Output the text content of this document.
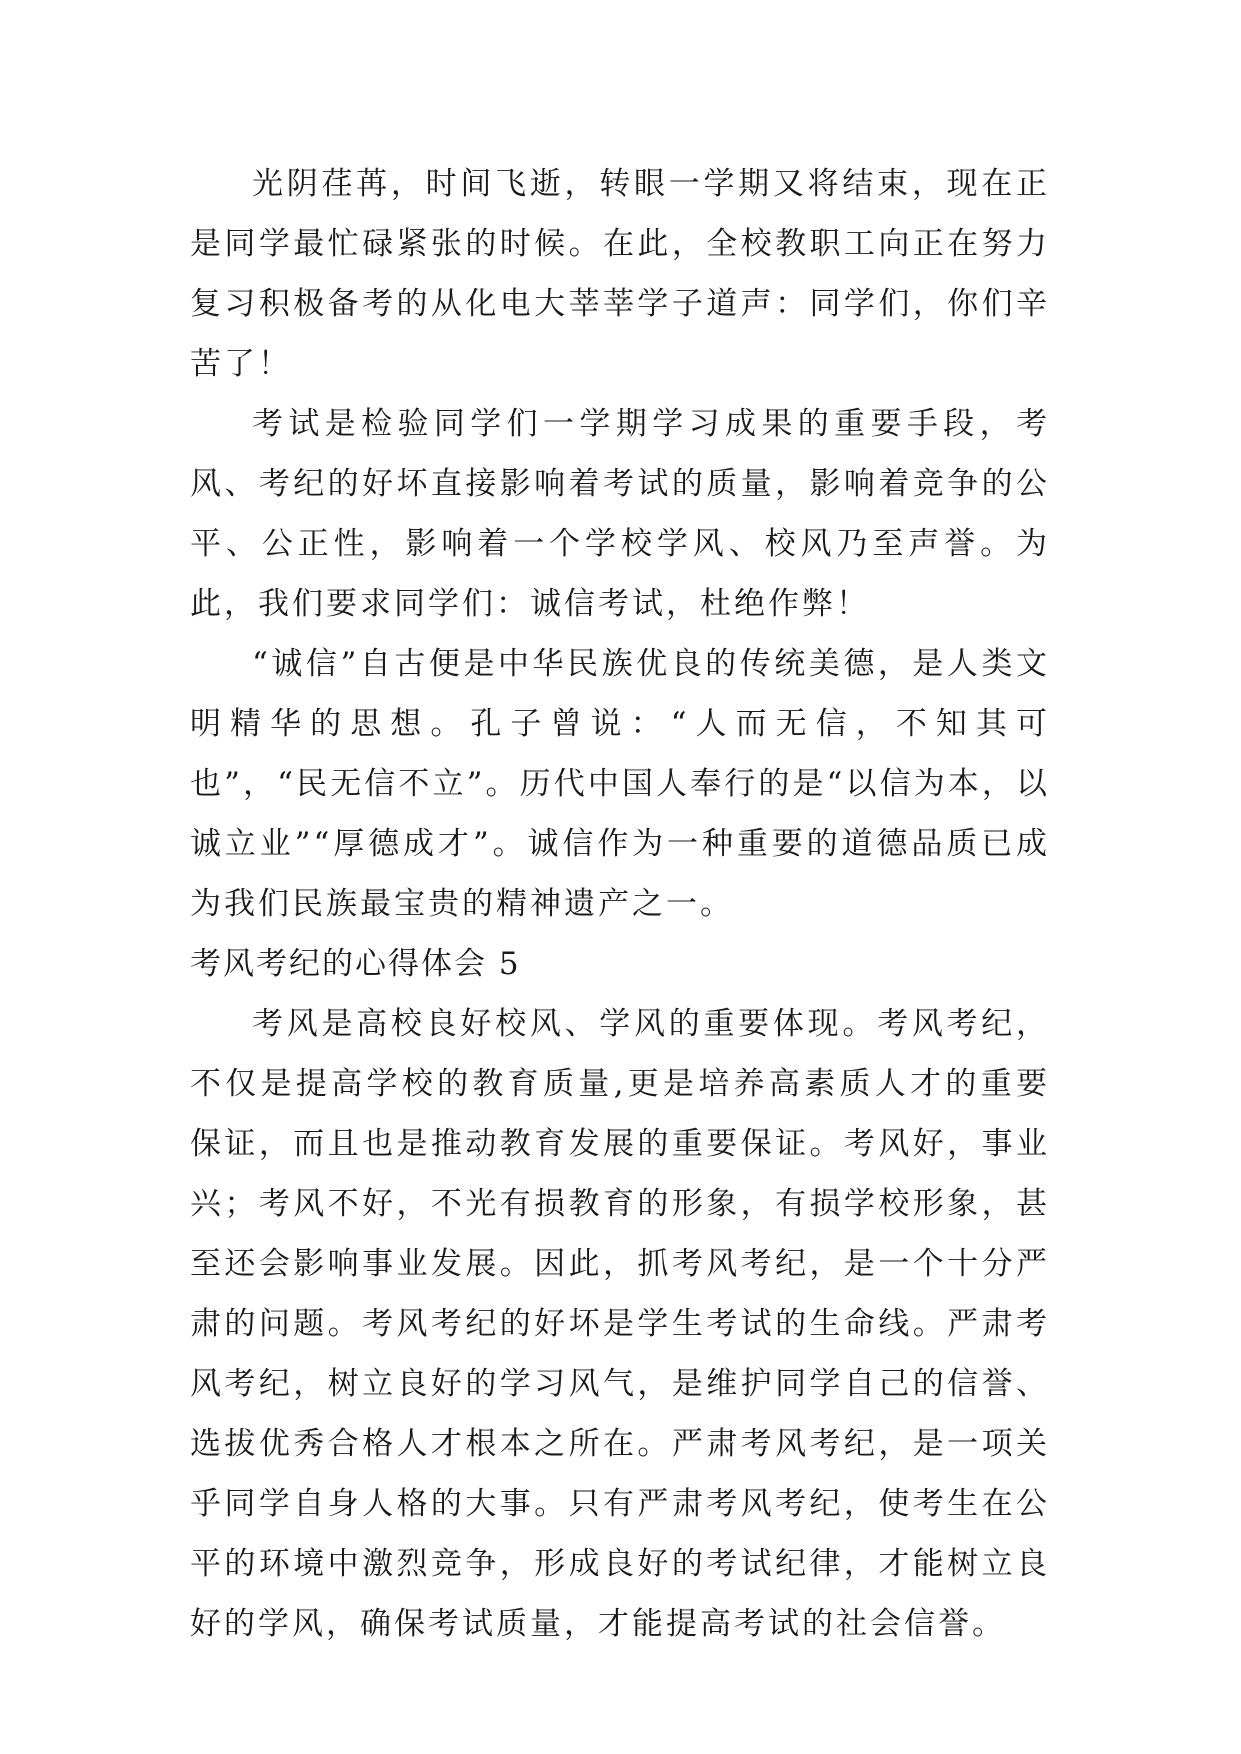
光阴荏苒，时间飞逝，转眼一学期又将结束，现在正是同学最忙碌紧张的时候。在此，全校教职工向正在努力复习积极备考的从化电大莘莘学子道声：同学们，你们辛苦了！

考试是检验同学们一学期学习成果的重要手段，考风、考纪的好坏直接影响着考试的质量，影响着竞争的公平、公正性，影响着一个学校学风、校风乃至声誉。为此，我们要求同学们：诚信考试，杜绝作弊！

“诚信”自古便是中华民族优良的传统美德，是人类文明精华的思想。孔子曾说：“人而无信，不知其可也”，“民无信不立”。历代中国人奉行的是“以信为本，以诚立业”“厚德成才”。诚信作为一种重要的道德品质已成为我们民族最宝贵的精神遗产之一。

考风考纪的心得体会 5

考风是高校良好校风、学风的重要体现。考风考纪，不仅是提高学校的教育质量,更是培养高素质人才的重要保证，而且也是推动教育发展的重要保证。考风好，事业兴；考风不好，不光有损教育的形象，有损学校形象，甚至还会影响事业发展。因此，抓考风考纪，是一个十分严肃的问题。考风考纪的好坏是学生考试的生命线。严肃考风考纪，树立良好的学习风气，是维护同学自己的信誉、选拔优秀合格人才根本之所在。严肃考风考纪，是一项关乎同学自身人格的大事。只有严肃考风考纪，使考生在公平的环境中激烈竞争，形成良好的考试纪律，才能树立良好的学风，确保考试质量，才能提高考试的社会信誉。
